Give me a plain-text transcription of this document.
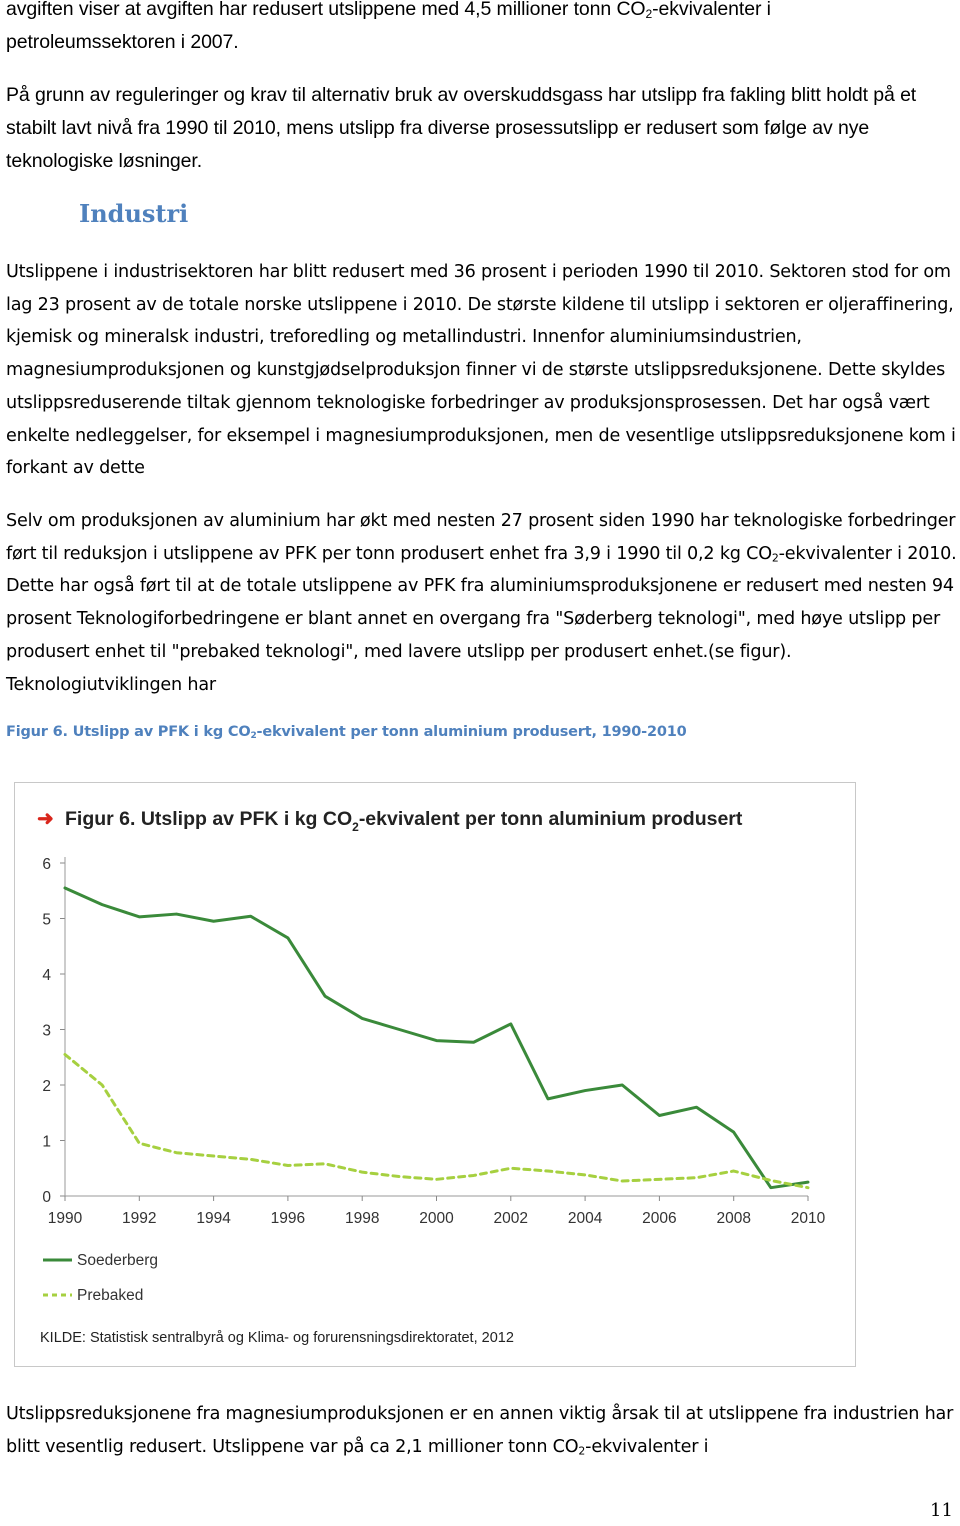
avgiften viser at avgiften har redusert utslippene med 4,5 millioner tonn $CO_2$-ekvivalenter i
petroleumssektoren i 2007.

På grunn av reguleringer og krav til alternativ bruk av overskuddsgass har utslipp fra fakling blitt holdt på et stabilt lavt nivå fra 1990 til 2010, mens utslipp fra diverse prosessutslipp er redusert som følge av nye teknologiske løsninger.

Industri

Utslippene i industrisektoren har blitt redusert med 36 prosent i perioden 1990 til 2010. Sektoren stod for om lag 23 prosent av de totale norske utslippene i 2010. De største kildene til utslipp i sektoren er oljeraffinering, kjemisk og mineralsk industri, treforedling og metallindustri. Innenfor aluminiumsindustrien, magnesiumproduksjonen og kunstgjødselproduksjon finner vi de største utslippsreduksjonene. Dette skyldes utslippsreduserende tiltak gjennom teknologiske forbedringer av produksjonsprosessen. Det har også vært enkelte nedleggelser, for eksempel i magnesiumproduksjonen, men de vesentlige utslippsreduksjonene kom i forkant av dette

Selv om produksjonen av aluminium har økt med nesten 27 prosent siden 1990 har teknologiske forbedringer ført til reduksjon i utslippene av PFK per tonn produsert enhet fra 3,9 i 1990 til 0,2 kg $CO_2$-ekvivalenter i 2010. Dette har også ført til at de totale utslippene av PFK fra aluminiumsproduksjonene er redusert med nesten 94 prosent Teknologiforbedringene er blant annet en overgang fra "Søderberg teknologi", med høye utslipp per produsert enhet til "prebaked teknologi", med lavere utslipp per produsert enhet.(se figur). Teknologiutviklingen har

Figur 6. Utslipp av PFK i kg $CO_2$-ekvivalent per tonn aluminium produsert, 1990-2010

➜ Figur 6. Utslipp av PFK i kg $CO_2$-ekvivalent per tonn aluminium produsert
0
1
2
3
4
5
6
1990	1992	1994	1996	1998	2000	2002	2004	2006	2008	2010
Soederberg
Prebaked
KILDE: Statistisk sentralbyrå og Klima- og forurensningsdirektoratet, 2012

Utslippsreduksjonene fra magnesiumproduksjonen er en annen viktig årsak til at utslippene fra industrien har blitt vesentlig redusert. Utslippene var på ca 2,1 millioner tonn $CO_2$-ekvivalenter i

11
